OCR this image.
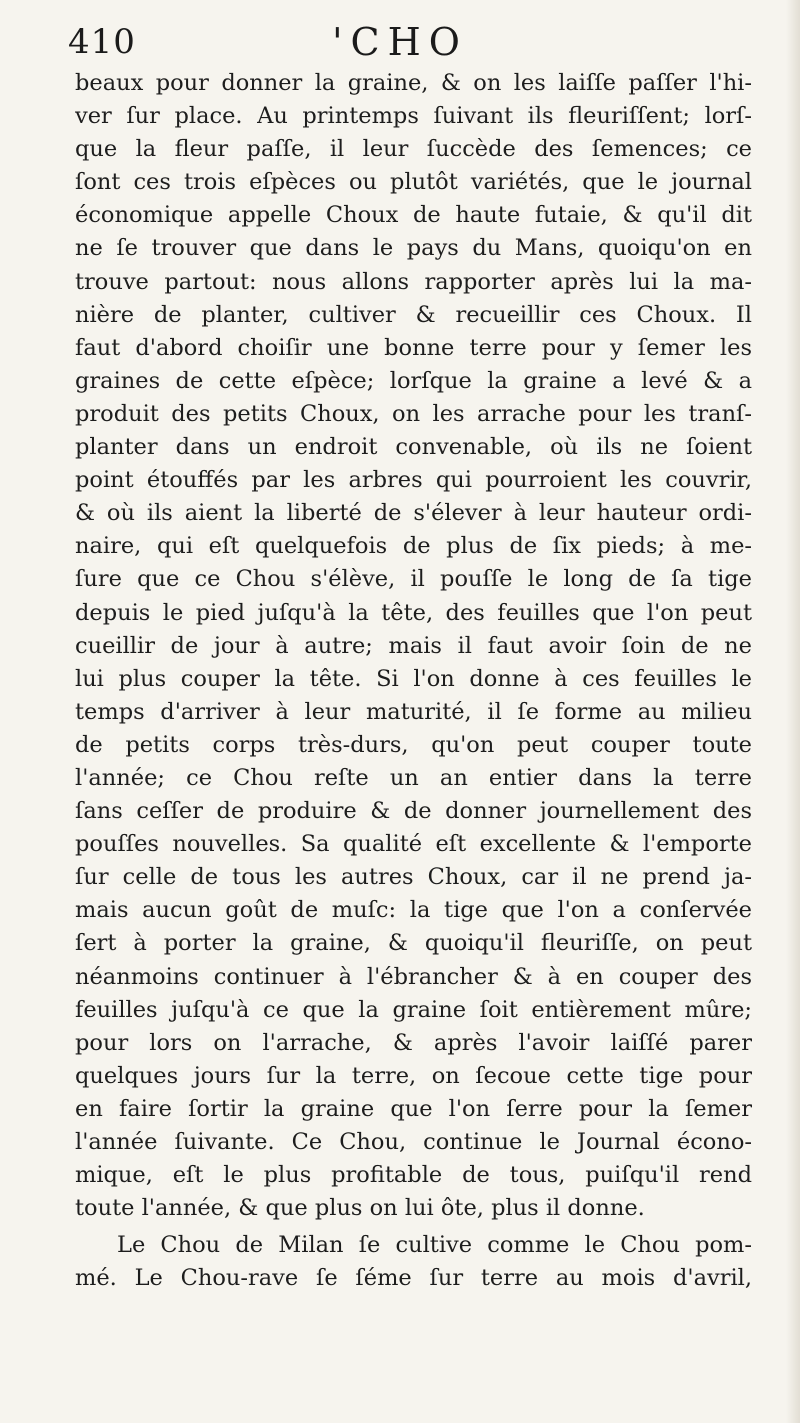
410	'CHO
beaux pour donner la graine, & on les laiſſe paſſer l'hi-
ver ſur place. Au printemps ſuivant ils fleuriſſent; lorſ-
que la fleur paſſe, il leur ſuccède des ſemences; ce
ſont ces trois eſpèces ou plutôt variétés, que le journal
économique appelle Choux de haute futaie, & qu'il dit
ne ſe trouver que dans le pays du Mans, quoiqu'on en
trouve partout: nous allons rapporter après lui la ma-
nière de planter, cultiver & recueillir ces Choux. Il
faut d'abord choiſir une bonne terre pour y ſemer les
graines de cette eſpèce; lorſque la graine a levé & a
produit des petits Choux, on les arrache pour les tranſ-
planter dans un endroit convenable, où ils ne ſoient
point étouffés par les arbres qui pourroient les couvrir,
& où ils aient la liberté de s'élever à leur hauteur ordi-
naire, qui eſt quelquefois de plus de ſix pieds; à me-
ſure que ce Chou s'élève, il pouſſe le long de ſa tige
depuis le pied juſqu'à la tête, des feuilles que l'on peut
cueillir de jour à autre; mais il faut avoir ſoin de ne
lui plus couper la tête. Si l'on donne à ces feuilles le
temps d'arriver à leur maturité, il ſe forme au milieu
de petits corps très-durs, qu'on peut couper toute
l'année; ce Chou reſte un an entier dans la terre
ſans ceſſer de produire & de donner journellement des
pouſſes nouvelles. Sa qualité eſt excellente & l'emporte
ſur celle de tous les autres Choux, car il ne prend ja-
mais aucun goût de muſc: la tige que l'on a conſervée
ſert à porter la graine, & quoiqu'il fleuriſſe, on peut
néanmoins continuer à l'ébrancher & à en couper des
feuilles juſqu'à ce que la graine ſoit entièrement mûre;
pour lors on l'arrache, & après l'avoir laiſſé parer
quelques jours ſur la terre, on ſecoue cette tige pour
en faire ſortir la graine que l'on ſerre pour la ſemer
l'année ſuivante. Ce Chou, continue le Journal écono-
mique, eſt le plus profitable de tous, puiſqu'il rend
toute l'année, & que plus on lui ôte, plus il donne.
Le Chou de Milan ſe cultive comme le Chou pom-
mé. Le Chou-rave ſe ſéme ſur terre au mois d'avril,
